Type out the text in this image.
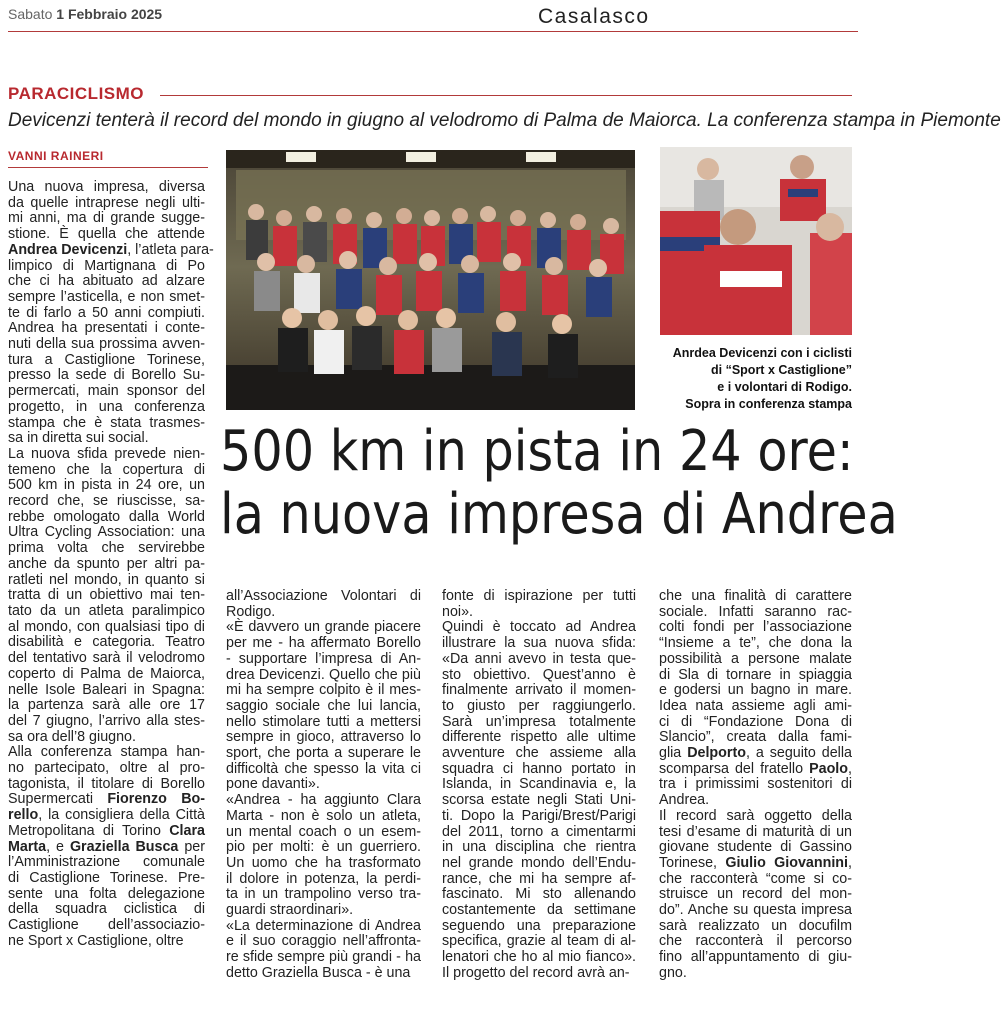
Sabato 1 Febbraio 2025	Casalasco
PARACICLISMO
Devicenzi tenterà il record del mondo in giugno al velodromo di Palma de Maiorca. La conferenza stampa in Piemonte
VANNI RAINERI
Anrdea Devicenzi con i ciclisti
di “Sport x Castiglione”
e i volontari di Rodigo.
Sopra in conferenza stampa
500 km in pista in 24 ore:
la nuova impresa di Andrea
Una nuova impresa, diversa
da quelle intraprese negli ulti-
mi anni, ma di grande sugge-
stione. È quella che attende
Andrea Devicenzi, l’atleta para-
limpico di Martignana di Po
che ci ha abituato ad alzare
sempre l’asticella, e non smet-
te di farlo a 50 anni compiuti.
Andrea ha presentati i conte-
nuti della sua prossima avven-
tura a Castiglione Torinese,
presso la sede di Borello Su-
permercati, main sponsor del
progetto, in una conferenza
stampa che è stata trasmes-
sa in diretta sui social.
La nuova sfida prevede nien-
temeno che la copertura di
500 km in pista in 24 ore, un
record che, se riuscisse, sa-
rebbe omologato dalla World
Ultra Cycling Association: una
prima volta che servirebbe
anche da spunto per altri pa-
ratleti nel mondo, in quanto si
tratta di un obiettivo mai ten-
tato da un atleta paralimpico
al mondo, con qualsiasi tipo di
disabilità e categoria. Teatro
del tentativo sarà il velodromo
coperto di Palma de Maiorca,
nelle Isole Baleari in Spagna:
la partenza sarà alle ore 17
del 7 giugno, l’arrivo alla stes-
sa ora dell’8 giugno.
Alla conferenza stampa han-
no partecipato, oltre al pro-
tagonista, il titolare di Borello
Supermercati Fiorenzo Bo-
rello, la consigliera della Città
Metropolitana di Torino Clara
Marta, e Graziella Busca per
l’Amministrazione comunale
di Castiglione Torinese. Pre-
sente una folta delegazione
della squadra ciclistica di
Castiglione dell’associazio-
ne Sport x Castiglione, oltre
all’Associazione Volontari di
Rodigo.
«È davvero un grande piacere
per me - ha affermato Borello
- supportare l’impresa di An-
drea Devicenzi. Quello che più
mi ha sempre colpito è il mes-
saggio sociale che lui lancia,
nello stimolare tutti a mettersi
sempre in gioco, attraverso lo
sport, che porta a superare le
difficoltà che spesso la vita ci
pone davanti».
«Andrea - ha aggiunto Clara
Marta - non è solo un atleta,
un mental coach o un esem-
pio per molti: è un guerriero.
Un uomo che ha trasformato
il dolore in potenza, la perdi-
ta in un trampolino verso tra-
guardi straordinari».
«La determinazione di Andrea
e il suo coraggio nell’affronta-
re sfide sempre più grandi - ha
detto Graziella Busca - è una
fonte di ispirazione per tutti
noi».
Quindi è toccato ad Andrea
illustrare la sua nuova sfida:
«Da anni avevo in testa que-
sto obiettivo. Quest’anno è
finalmente arrivato il momen-
to giusto per raggiungerlo.
Sarà un’impresa totalmente
differente rispetto alle ultime
avventure che assieme alla
squadra ci hanno portato in
Islanda, in Scandinavia e, la
scorsa estate negli Stati Uni-
ti. Dopo la Parigi/Brest/Parigi
del 2011, torno a cimentarmi
in una disciplina che rientra
nel grande mondo dell’Endu-
rance, che mi ha sempre af-
fascinato. Mi sto allenando
costantemente da settimane
seguendo una preparazione
specifica, grazie al team di al-
lenatori che ho al mio fianco».
Il progetto del record avrà an-
che una finalità di carattere
sociale. Infatti saranno rac-
colti fondi per l’associazione
“Insieme a te”, che dona la
possibilità a persone malate
di Sla di tornare in spiaggia
e godersi un bagno in mare.
Idea nata assieme agli ami-
ci di “Fondazione Dona di
Slancio”, creata dalla fami-
glia Delporto, a seguito della
scomparsa del fratello Paolo,
tra i primissimi sostenitori di
Andrea.
Il record sarà oggetto della
tesi d’esame di maturità di un
giovane studente di Gassino
Torinese, Giulio Giovannini,
che racconterà “come si co-
struisce un record del mon-
do”. Anche su questa impresa
sarà realizzato un docufilm
che racconterà il percorso
fino all’appuntamento di giu-
gno.
